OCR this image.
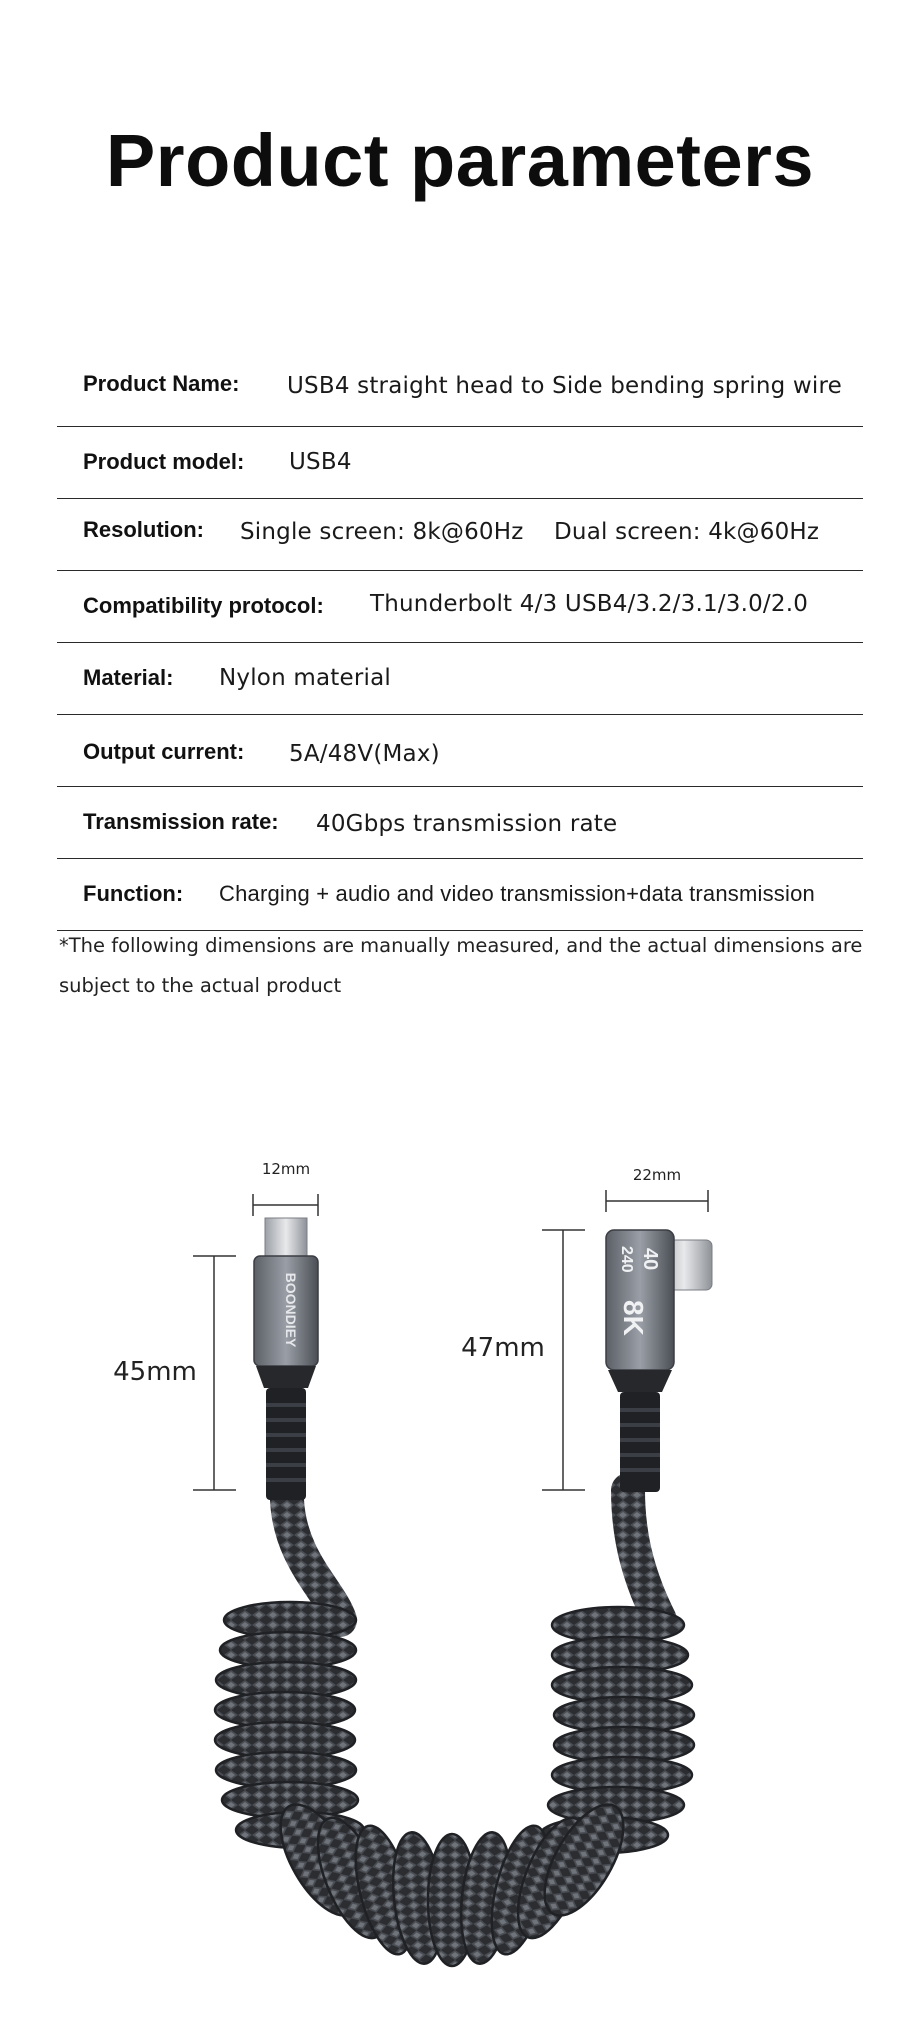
Product parameters
Product Name: USB4 straight head to Side bending spring wire
Product model: USB4
Resolution: Single screen: 8k@60Hz Dual screen: 4k@60Hz
Compatibility protocol: Thunderbolt 4/3 USB4/3.2/3.1/3.0/2.0
Material: Nylon material
Output current: 5A/48V(Max)
Transmission rate: 40Gbps transmission rate
Function: Charging + audio and video transmission+data transmission
*The following dimensions are manually measured, and the actual dimensions are subject to the actual product
12mm
45mm
22mm
47mm
BOONDIEY
40
240
8K
